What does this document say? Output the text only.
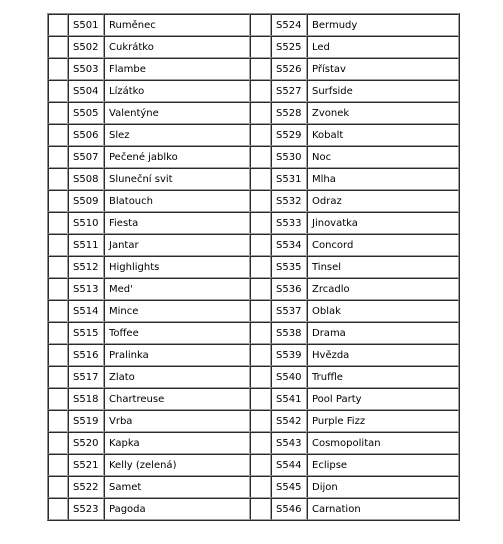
	S501	Ruměnec		S524	Bermudy
	S502	Cukrátko		S525	Led
	S503	Flambe		S526	Přístav
	S504	Lízátko		S527	Surfside
	S505	Valentýne		S528	Zvonek
	S506	Slez		S529	Kobalt
	S507	Pečené jablko		S530	Noc
	S508	Sluneční svit		S531	Mlha
	S509	Blatouch		S532	Odraz
	S510	Fiesta		S533	Jinovatka
	S511	Jantar		S534	Concord
	S512	Highlights		S535	Tinsel
	S513	Med'		S536	Zrcadlo
	S514	Mince		S537	Oblak
	S515	Toffee		S538	Drama
	S516	Pralinka		S539	Hvězda
	S517	Zlato		S540	Truffle
	S518	Chartreuse		S541	Pool Party
	S519	Vrba		S542	Purple Fizz
	S520	Kapka		S543	Cosmopolitan
	S521	Kelly (zelená)		S544	Eclipse
	S522	Samet		S545	Dijon
	S523	Pagoda		S546	Carnation
